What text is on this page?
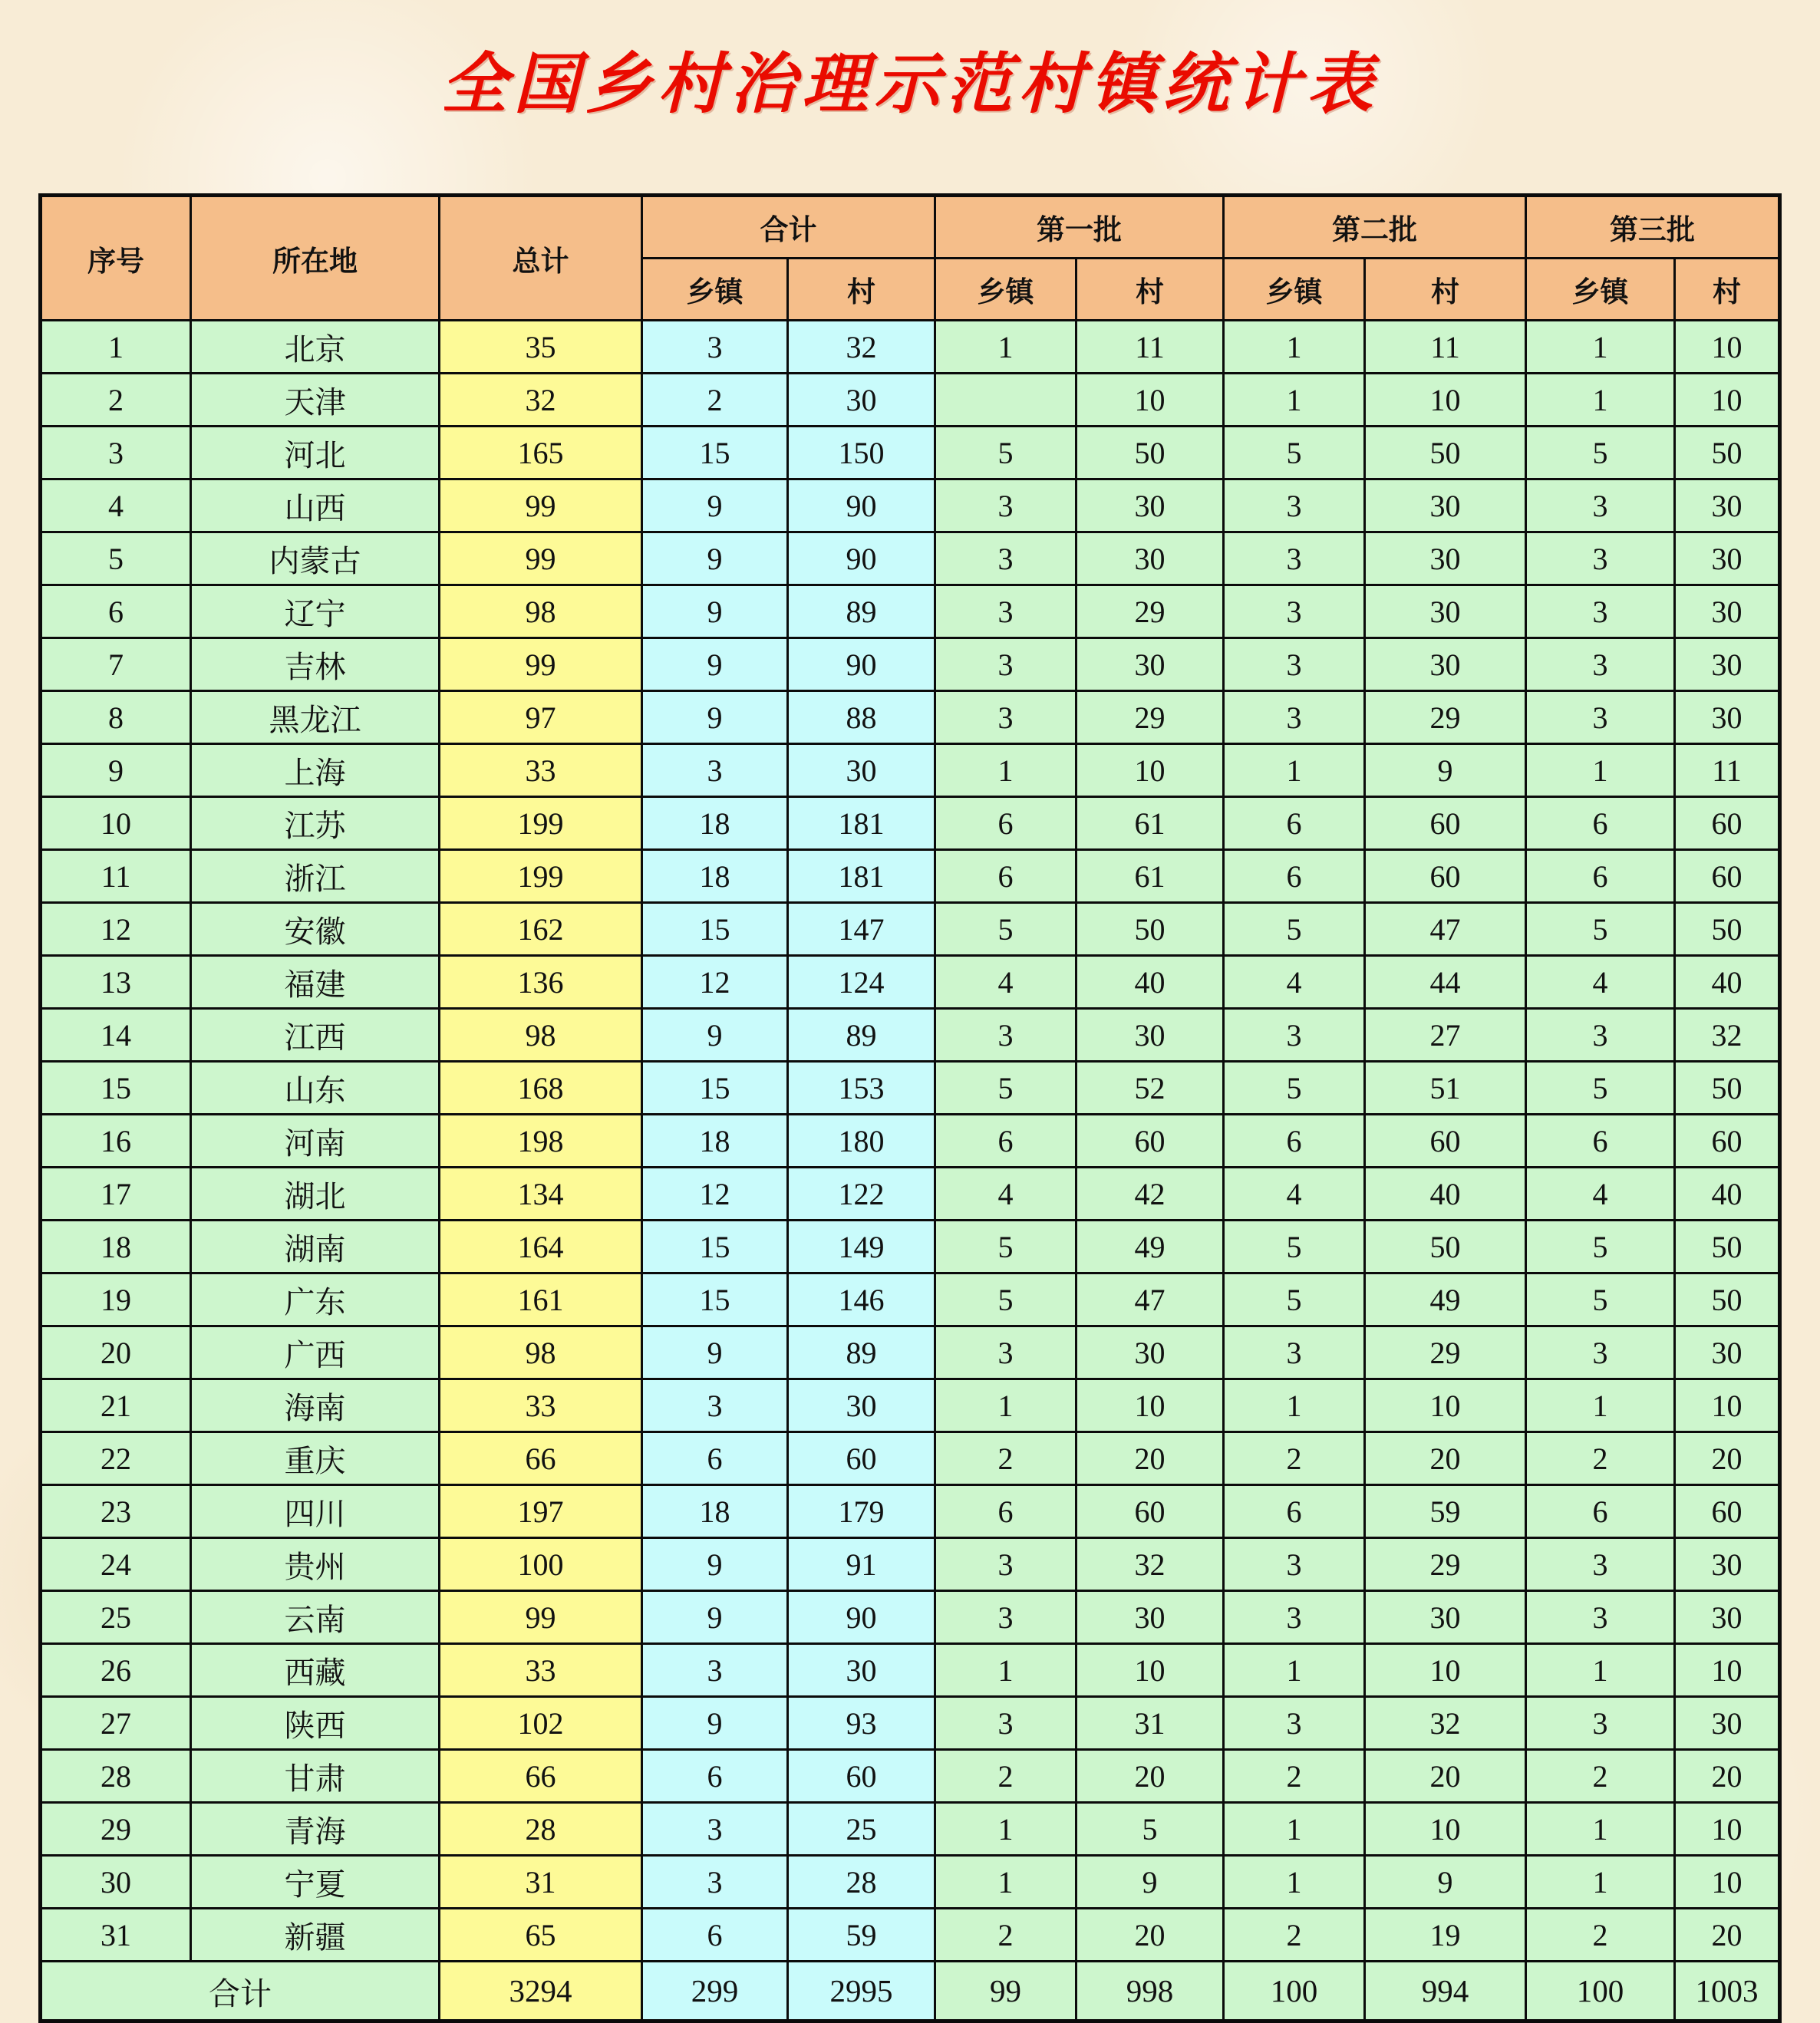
全国乡村治理示范村镇统计表
序号	所在地	总计	合计		第一批		第二批		第三批	
			乡镇	村	乡镇	村	乡镇	村	乡镇	村
1	北京	35	3	32	1	11	1	11	1	10
2	天津	32	2	30		10	1	10	1	10
3	河北	165	15	150	5	50	5	50	5	50
4	山西	99	9	90	3	30	3	30	3	30
5	内蒙古	99	9	90	3	30	3	30	3	30
6	辽宁	98	9	89	3	29	3	30	3	30
7	吉林	99	9	90	3	30	3	30	3	30
8	黑龙江	97	9	88	3	29	3	29	3	30
9	上海	33	3	30	1	10	1	9	1	11
10	江苏	199	18	181	6	61	6	60	6	60
11	浙江	199	18	181	6	61	6	60	6	60
12	安徽	162	15	147	5	50	5	47	5	50
13	福建	136	12	124	4	40	4	44	4	40
14	江西	98	9	89	3	30	3	27	3	32
15	山东	168	15	153	5	52	5	51	5	50
16	河南	198	18	180	6	60	6	60	6	60
17	湖北	134	12	122	4	42	4	40	4	40
18	湖南	164	15	149	5	49	5	50	5	50
19	广东	161	15	146	5	47	5	49	5	50
20	广西	98	9	89	3	30	3	29	3	30
21	海南	33	3	30	1	10	1	10	1	10
22	重庆	66	6	60	2	20	2	20	2	20
23	四川	197	18	179	6	60	6	59	6	60
24	贵州	100	9	91	3	32	3	29	3	30
25	云南	99	9	90	3	30	3	30	3	30
26	西藏	33	3	30	1	10	1	10	1	10
27	陕西	102	9	93	3	31	3	32	3	30
28	甘肃	66	6	60	2	20	2	20	2	20
29	青海	28	3	25	1	5	1	10	1	10
30	宁夏	31	3	28	1	9	1	9	1	10
31	新疆	65	6	59	2	20	2	19	2	20
合计		3294	299	2995	99	998	100	994	100	1003
